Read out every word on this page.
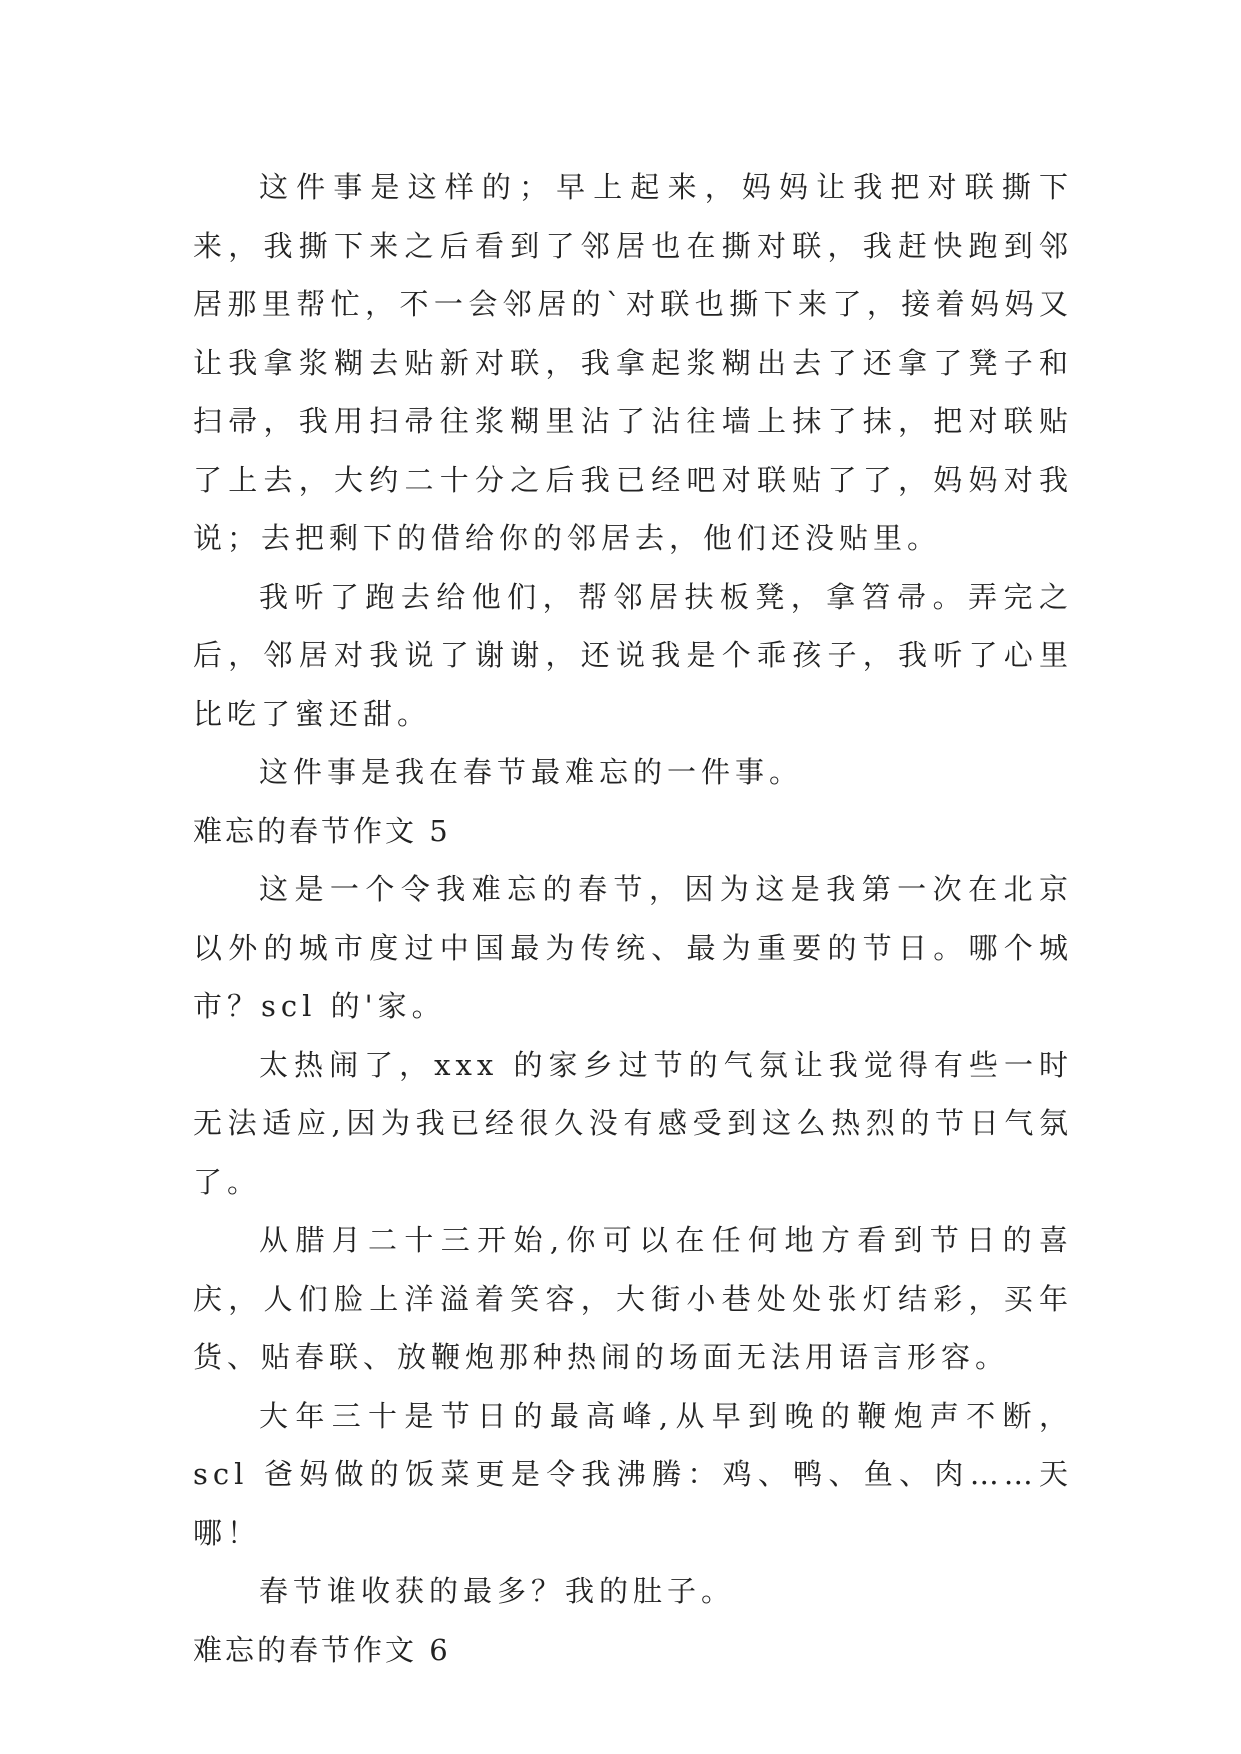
这件事是这样的；早上起来，妈妈让我把对联撕下来，我撕下来之后看到了邻居也在撕对联，我赶快跑到邻居那里帮忙，不一会邻居的`对联也撕下来了，接着妈妈又让我拿浆糊去贴新对联，我拿起浆糊出去了还拿了凳子和扫帚，我用扫帚往浆糊里沾了沾往墙上抹了抹，把对联贴了上去，大约二十分之后我已经吧对联贴了了，妈妈对我说；去把剩下的借给你的邻居去，他们还没贴里。

我听了跑去给他们，帮邻居扶板凳，拿笤帚。弄完之后，邻居对我说了谢谢，还说我是个乖孩子，我听了心里比吃了蜜还甜。

这件事是我在春节最难忘的一件事。

难忘的春节作文 5

这是一个令我难忘的春节，因为这是我第一次在北京以外的城市度过中国最为传统、最为重要的节日。哪个城市？scl 的'家。

太热闹了，xxx 的家乡过节的气氛让我觉得有些一时无法适应,因为我已经很久没有感受到这么热烈的节日气氛了。

从腊月二十三开始,你可以在任何地方看到节日的喜庆，人们脸上洋溢着笑容，大街小巷处处张灯结彩，买年货、贴春联、放鞭炮那种热闹的场面无法用语言形容。

大年三十是节日的最高峰,从早到晚的鞭炮声不断，scl 爸妈做的饭菜更是令我沸腾：鸡、鸭、鱼、肉……天哪！

春节谁收获的最多？我的肚子。

难忘的春节作文 6
